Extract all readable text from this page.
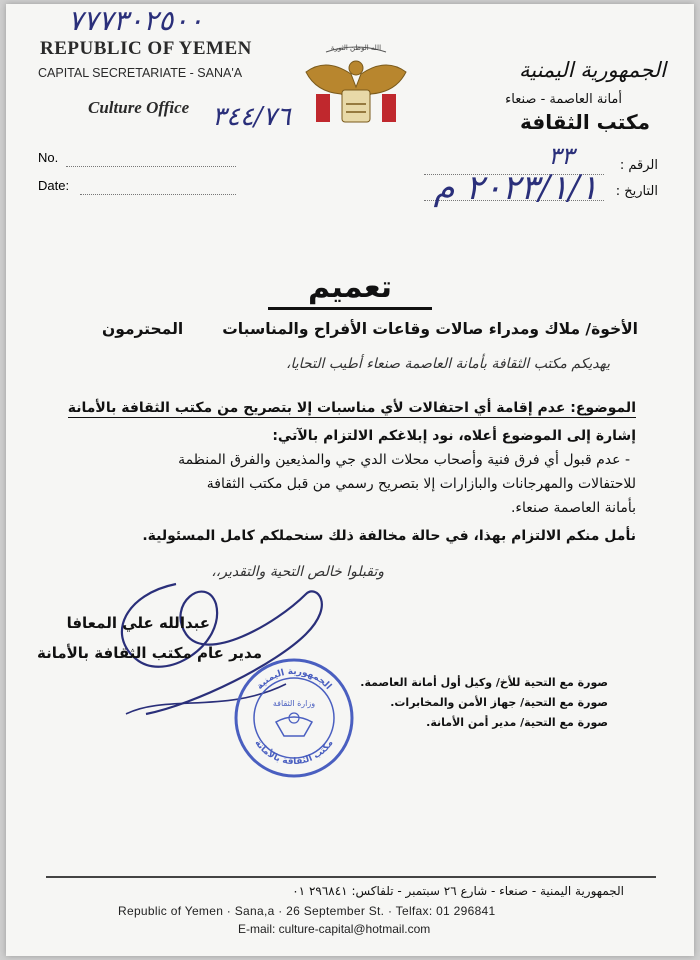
٧٧٧٣٠٢٥٠٠
REPUBLIC OF YEMEN
CAPITAL SECRETARIATE - SANA'A
Culture Office ٣٤٤/٧٦
الله الوطن الثورة
الجمهورية اليمنية
أمانة العاصمة - صنعاء
مكتب الثقافة
No.
Date:
الرقم :
التاريخ :
٣٣
٢٠٢٣/١/١ م
تعميم
الأخوة/ ملاك ومدراء صالات وقاعات الأفراح والمناسبات
المحترمون
يهديكم مكتب الثقافة بأمانة العاصمة صنعاء أطيب التحايا،
الموضوع: عدم إقامة أي احتفالات لأي مناسبات إلا بتصريح من مكتب الثقافة بالأمانة
إشارة إلى الموضوع أعلاه، نود إبلاغكم الالتزام بالآتي:
- عدم قبول أي فرق فنية وأصحاب محلات الدي جي والمذيعين والفرق المنظمة
للاحتفالات والمهرجانات والبازارات إلا بتصريح رسمي من قبل مكتب الثقافة
بأمانة العاصمة صنعاء.
نأمل منكم الالتزام بهذا، في حالة مخالفة ذلك سنحملكم كامل المسئولية.
وتقبلوا خالص التحية والتقدير،،
عبدالله علي المعافا
مدير عام مكتب الثقافة بالأمانة
الجمهورية اليمنية
مكتب الثقافة بالأمانة
وزارة الثقافة
صورة مع التحية للأخ/ وكيل أول أمانة العاصمة.
صورة مع التحية/ جهاز الأمن والمخابرات.
صورة مع التحية/ مدير أمن الأمانة.
الجمهورية اليمنية - صنعاء - شارع ٢٦ سبتمبر - تلفاكس: ٢٩٦٨٤١ ٠١
Republic of Yemen · Sana,a · 26 September St. · Telfax: 01 296841
E-mail: culture-capital@hotmail.com
